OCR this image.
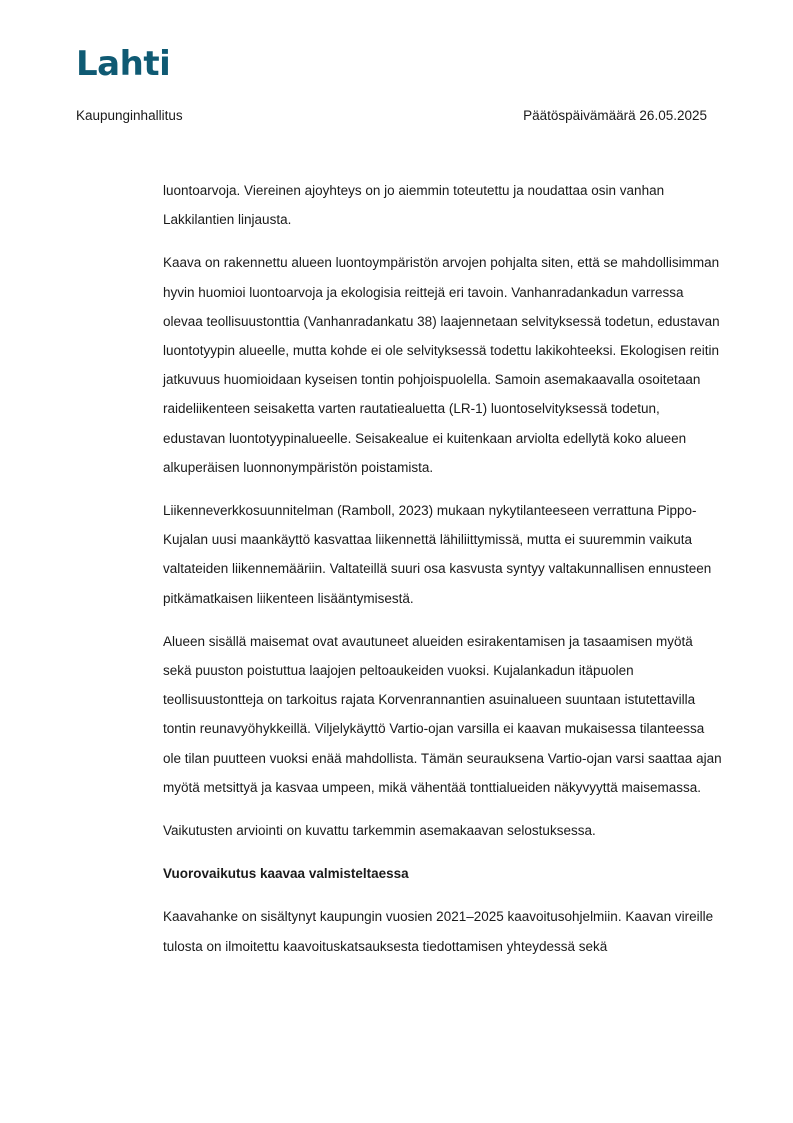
Lahti

Kaupunginhallitus	Päätöspäivämäärä 26.05.2025

luontoarvoja. Viereinen ajoyhteys on jo aiemmin toteutettu ja noudattaa osin vanhan Lakkilantien linjausta.

Kaava on rakennettu alueen luontoympäristön arvojen pohjalta siten, että se mahdollisimman hyvin huomioi luontoarvoja ja ekologisia reittejä eri tavoin. Vanhanradankadun varressa olevaa teollisuustonttia (Vanhanradankatu 38) laajennetaan selvityksessä todetun, edustavan luontotyypin alueelle, mutta kohde ei ole selvityksessä todettu lakikohteeksi. Ekologisen reitin jatkuvuus huomioidaan kyseisen tontin pohjoispuolella. Samoin asemakaavalla osoitetaan raideliikenteen seisaketta varten rautatiealuetta (LR-1) luontoselvityksessä todetun, edustavan luontotyypinalueelle. Seisakealue ei kuitenkaan arviolta edellytä koko alueen alkuperäisen luonnonympäristön poistamista.

Liikenneverkkosuunnitelman (Ramboll, 2023) mukaan nykytilanteeseen verrattuna Pippo-Kujalan uusi maankäyttö kasvattaa liikennettä lähiliittymissä, mutta ei suuremmin vaikuta valtateiden liikennemääriin. Valtateillä suuri osa kasvusta syntyy valtakunnallisen ennusteen pitkämatkaisen liikenteen lisääntymisestä.

Alueen sisällä maisemat ovat avautuneet alueiden esirakentamisen ja tasaamisen myötä sekä puuston poistuttua laajojen peltoaukeiden vuoksi. Kujalankadun itäpuolen teollisuustontteja on tarkoitus rajata Korvenrannantien asuinalueen suuntaan istutettavilla tontin reunavyöhykkeillä. Viljelykäyttö Vartio-ojan varsilla ei kaavan mukaisessa tilanteessa ole tilan puutteen vuoksi enää mahdollista. Tämän seurauksena Vartio-ojan varsi saattaa ajan myötä metsittyä ja kasvaa umpeen, mikä vähentää tonttialueiden näkyvyyttä maisemassa.

Vaikutusten arviointi on kuvattu tarkemmin asemakaavan selostuksessa.

Vuorovaikutus kaavaa valmisteltaessa

Kaavahanke on sisältynyt kaupungin vuosien 2021–2025 kaavoitusohjelmiin. Kaavan vireille tulosta on ilmoitettu kaavoituskatsauksesta tiedottamisen yhteydessä sekä
